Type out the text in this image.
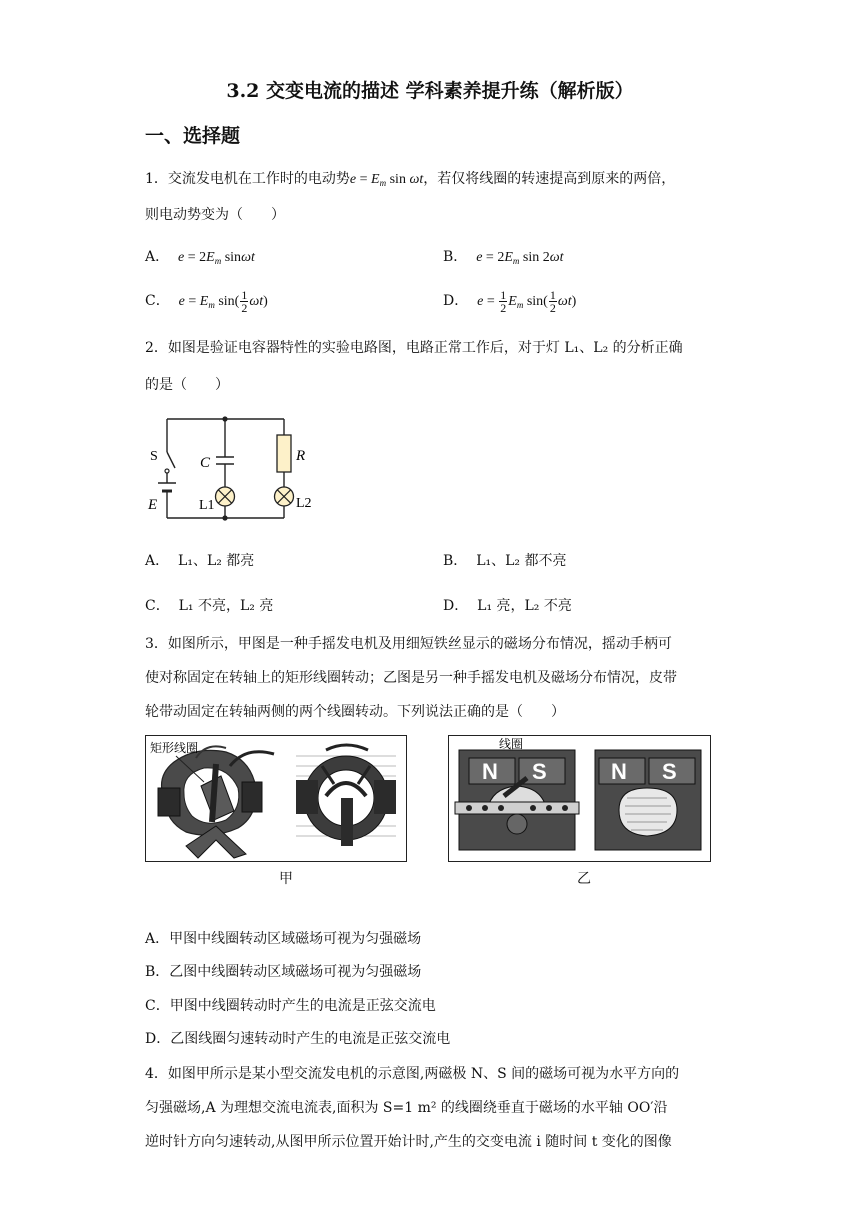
3.2 交变电流的描述 学科素养提升练（解析版）
一、选择题
1．交流发电机在工作时的电动势$e = E_m$ sin ωt，若仅将线圈的转速提高到原来的两倍，
则电动势变为（　　）
A． $e = 2E_m$ sinωt	B． $e = 2E_m$ sin 2ωt
C． $e = E_m$ $\sin( \frac{1}{2} \omega t)$	D． $e = \frac{1}{2} E_m$ $\sin( \frac{1}{2} \omega t)$
2．如图是验证电容器特性的实验电路图，电路正常工作后，对于灯 L₁、L₂ 的分析正确
的是（　　）
S	C	R
E	L1	L2
A． L₁、L₂ 都亮	B． L₁、L₂ 都不亮
C． L₁ 不亮，L₂ 亮	D． L₁ 亮，L₂ 不亮
3．如图所示，甲图是一种手摇发电机及用细短铁丝显示的磁场分布情况，摇动手柄可
使对称固定在转轴上的矩形线圈转动；乙图是另一种手摇发电机及磁场分布情况，皮带
轮带动固定在转轴两侧的两个线圈转动。下列说法正确的是（　　）
矩形线圈
N S	N S
线圈
甲	乙
A．甲图中线圈转动区域磁场可视为匀强磁场
B．乙图中线圈转动区域磁场可视为匀强磁场
C．甲图中线圈转动时产生的电流是正弦交流电
D．乙图线圈匀速转动时产生的电流是正弦交流电
4．如图甲所示是某小型交流发电机的示意图,两磁极 N、S 间的磁场可视为水平方向的
匀强磁场,A 为理想交流电流表,面积为 S=1 m² 的线圈绕垂直于磁场的水平轴 OO′沿
逆时针方向匀速转动,从图甲所示位置开始计时,产生的交变电流 i 随时间 t 变化的图像
